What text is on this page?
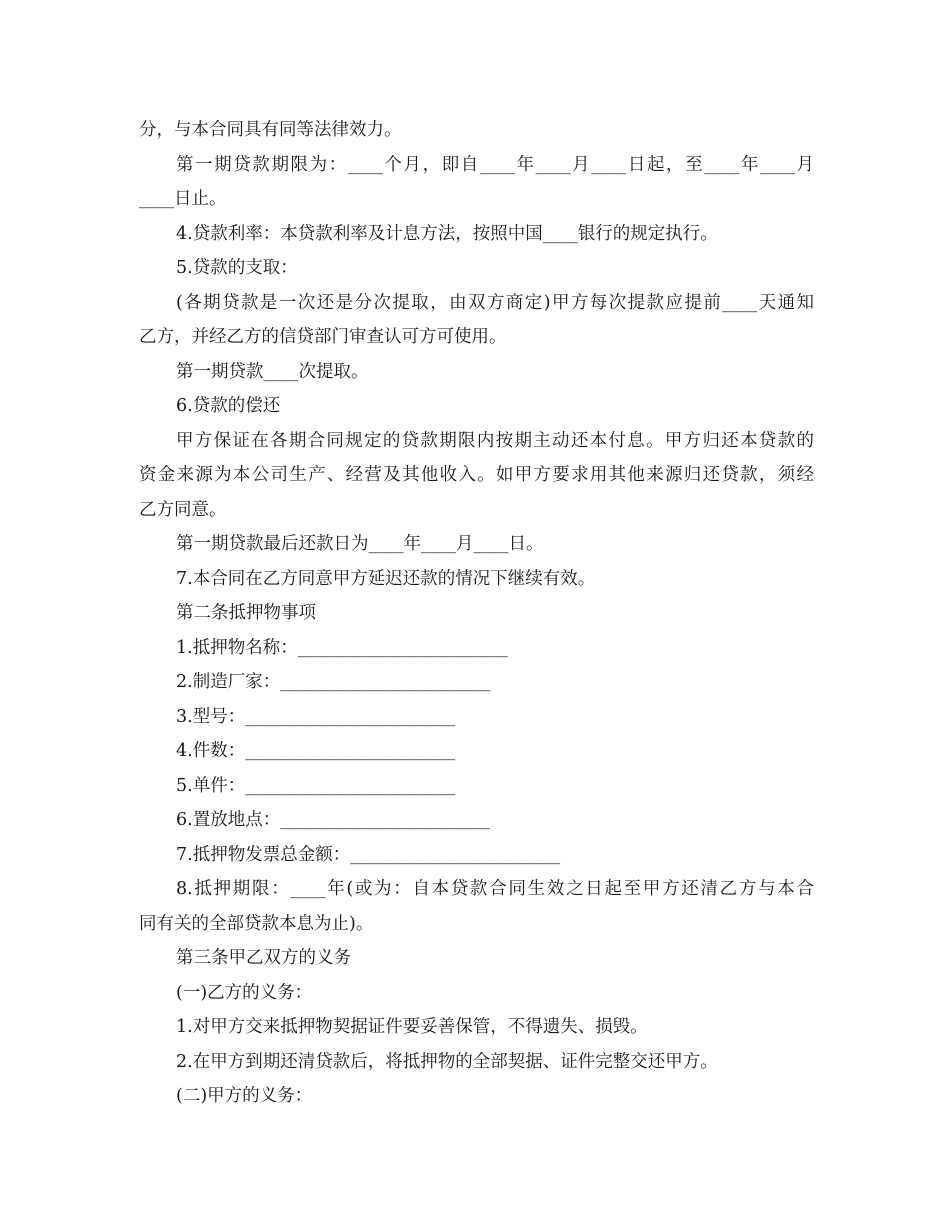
分，与本合同具有同等法律效力。

第一期贷款期限为：____个月，即自____年____月____日起，至____年____月

____日止。

4.贷款利率：本贷款利率及计息方法，按照中国____银行的规定执行。

5.贷款的支取：

(各期贷款是一次还是分次提取，由双方商定)甲方每次提款应提前____天通知

乙方，并经乙方的信贷部门审查认可方可使用。

第一期贷款____次提取。

6.贷款的偿还

甲方保证在各期合同规定的贷款期限内按期主动还本付息。甲方归还本贷款的

资金来源为本公司生产、经营及其他收入。如甲方要求用其他来源归还贷款，须经

乙方同意。

第一期贷款最后还款日为____年____月____日。

7.本合同在乙方同意甲方延迟还款的情况下继续有效。

第二条抵押物事项

1.抵押物名称：________________________

2.制造厂家：________________________

3.型号：________________________

4.件数：________________________

5.单件：________________________

6.置放地点：________________________

7.抵押物发票总金额：________________________

8.抵押期限：____年(或为：自本贷款合同生效之日起至甲方还清乙方与本合

同有关的全部贷款本息为止)。

第三条甲乙双方的义务

(一)乙方的义务：

1.对甲方交来抵押物契据证件要妥善保管，不得遗失、损毁。

2.在甲方到期还清贷款后，将抵押物的全部契据、证件完整交还甲方。

(二)甲方的义务：
